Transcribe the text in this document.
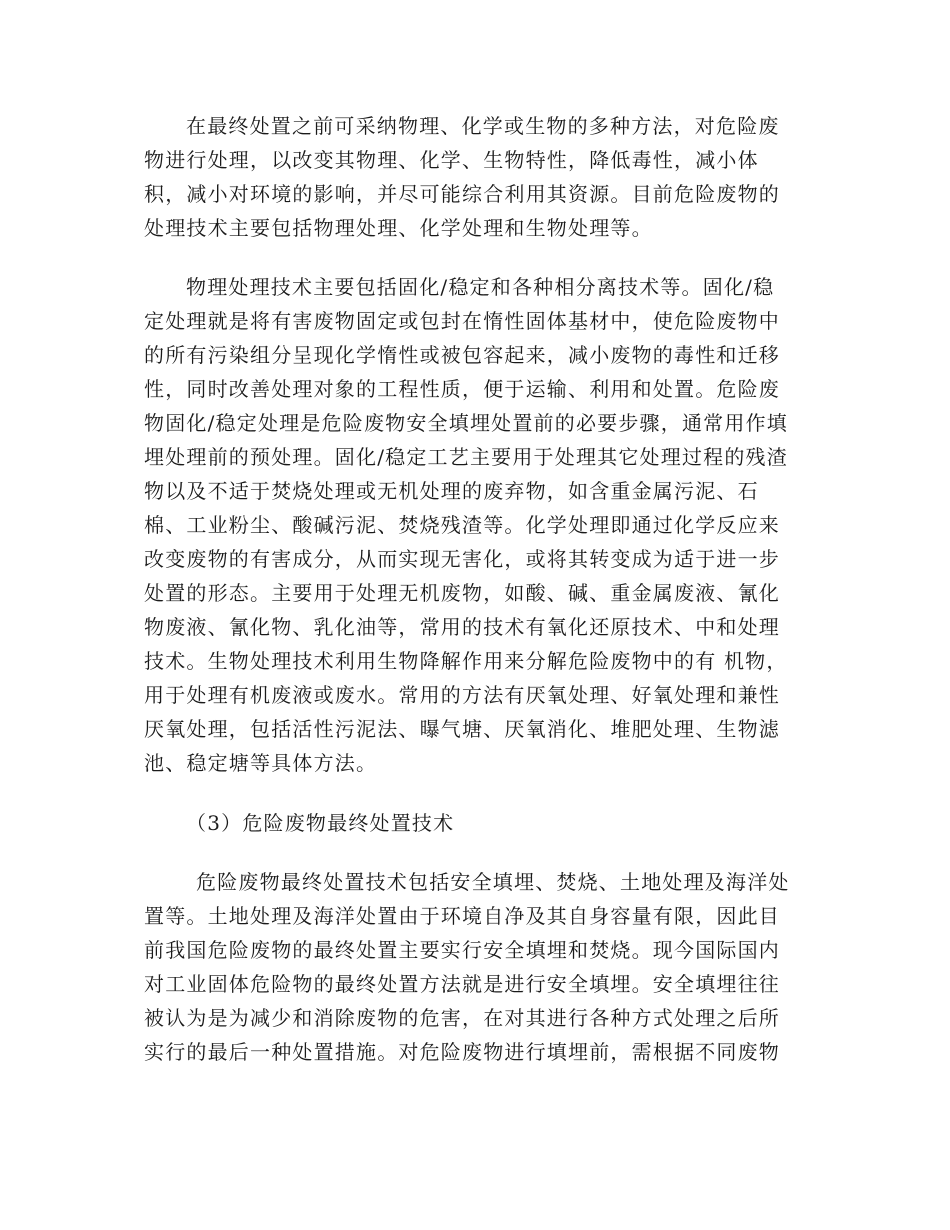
在最终处置之前可采纳物理、化学或生物的多种方法，对危险废
物进行处理，以改变其物理、化学、生物特性，降低毒性，减小体
积，减小对环境的影响，并尽可能综合利用其资源。目前危险废物的
处理技术主要包括物理处理、化学处理和生物处理等。
物理处理技术主要包括固化/稳定和各种相分离技术等。固化/稳
定处理就是将有害废物固定或包封在惰性固体基材中，使危险废物中
的所有污染组分呈现化学惰性或被包容起来，减小废物的毒性和迁移
性，同时改善处理对象的工程性质，便于运输、利用和处置。危险废
物固化/稳定处理是危险废物安全填埋处置前的必要步骤，通常用作填
埋处理前的预处理。固化/稳定工艺主要用于处理其它处理过程的残渣
物以及不适于焚烧处理或无机处理的废弃物，如含重金属污泥、石
棉、工业粉尘、酸碱污泥、焚烧残渣等。化学处理即通过化学反应来
改变废物的有害成分，从而实现无害化，或将其转变成为适于进一步
处置的形态。主要用于处理无机废物，如酸、碱、重金属废液、氰化
物废液、氰化物、乳化油等，常用的技术有氧化还原技术、中和处理
技术。生物处理技术利用生物降解作用来分解危险废物中的有 机物，
用于处理有机废液或废水。常用的方法有厌氧处理、好氧处理和兼性
厌氧处理，包括活性污泥法、曝气塘、厌氧消化、堆肥处理、生物滤
池、稳定塘等具体方法。
（3）危险废物最终处置技术
危险废物最终处置技术包括安全填埋、焚烧、土地处理及海洋处
置等。土地处理及海洋处置由于环境自净及其自身容量有限，因此目
前我国危险废物的最终处置主要实行安全填埋和焚烧。现今国际国内
对工业固体危险物的最终处置方法就是进行安全填埋。安全填埋往往
被认为是为减少和消除废物的危害，在对其进行各种方式处理之后所
实行的最后一种处置措施。对危险废物进行填埋前，需根据不同废物
